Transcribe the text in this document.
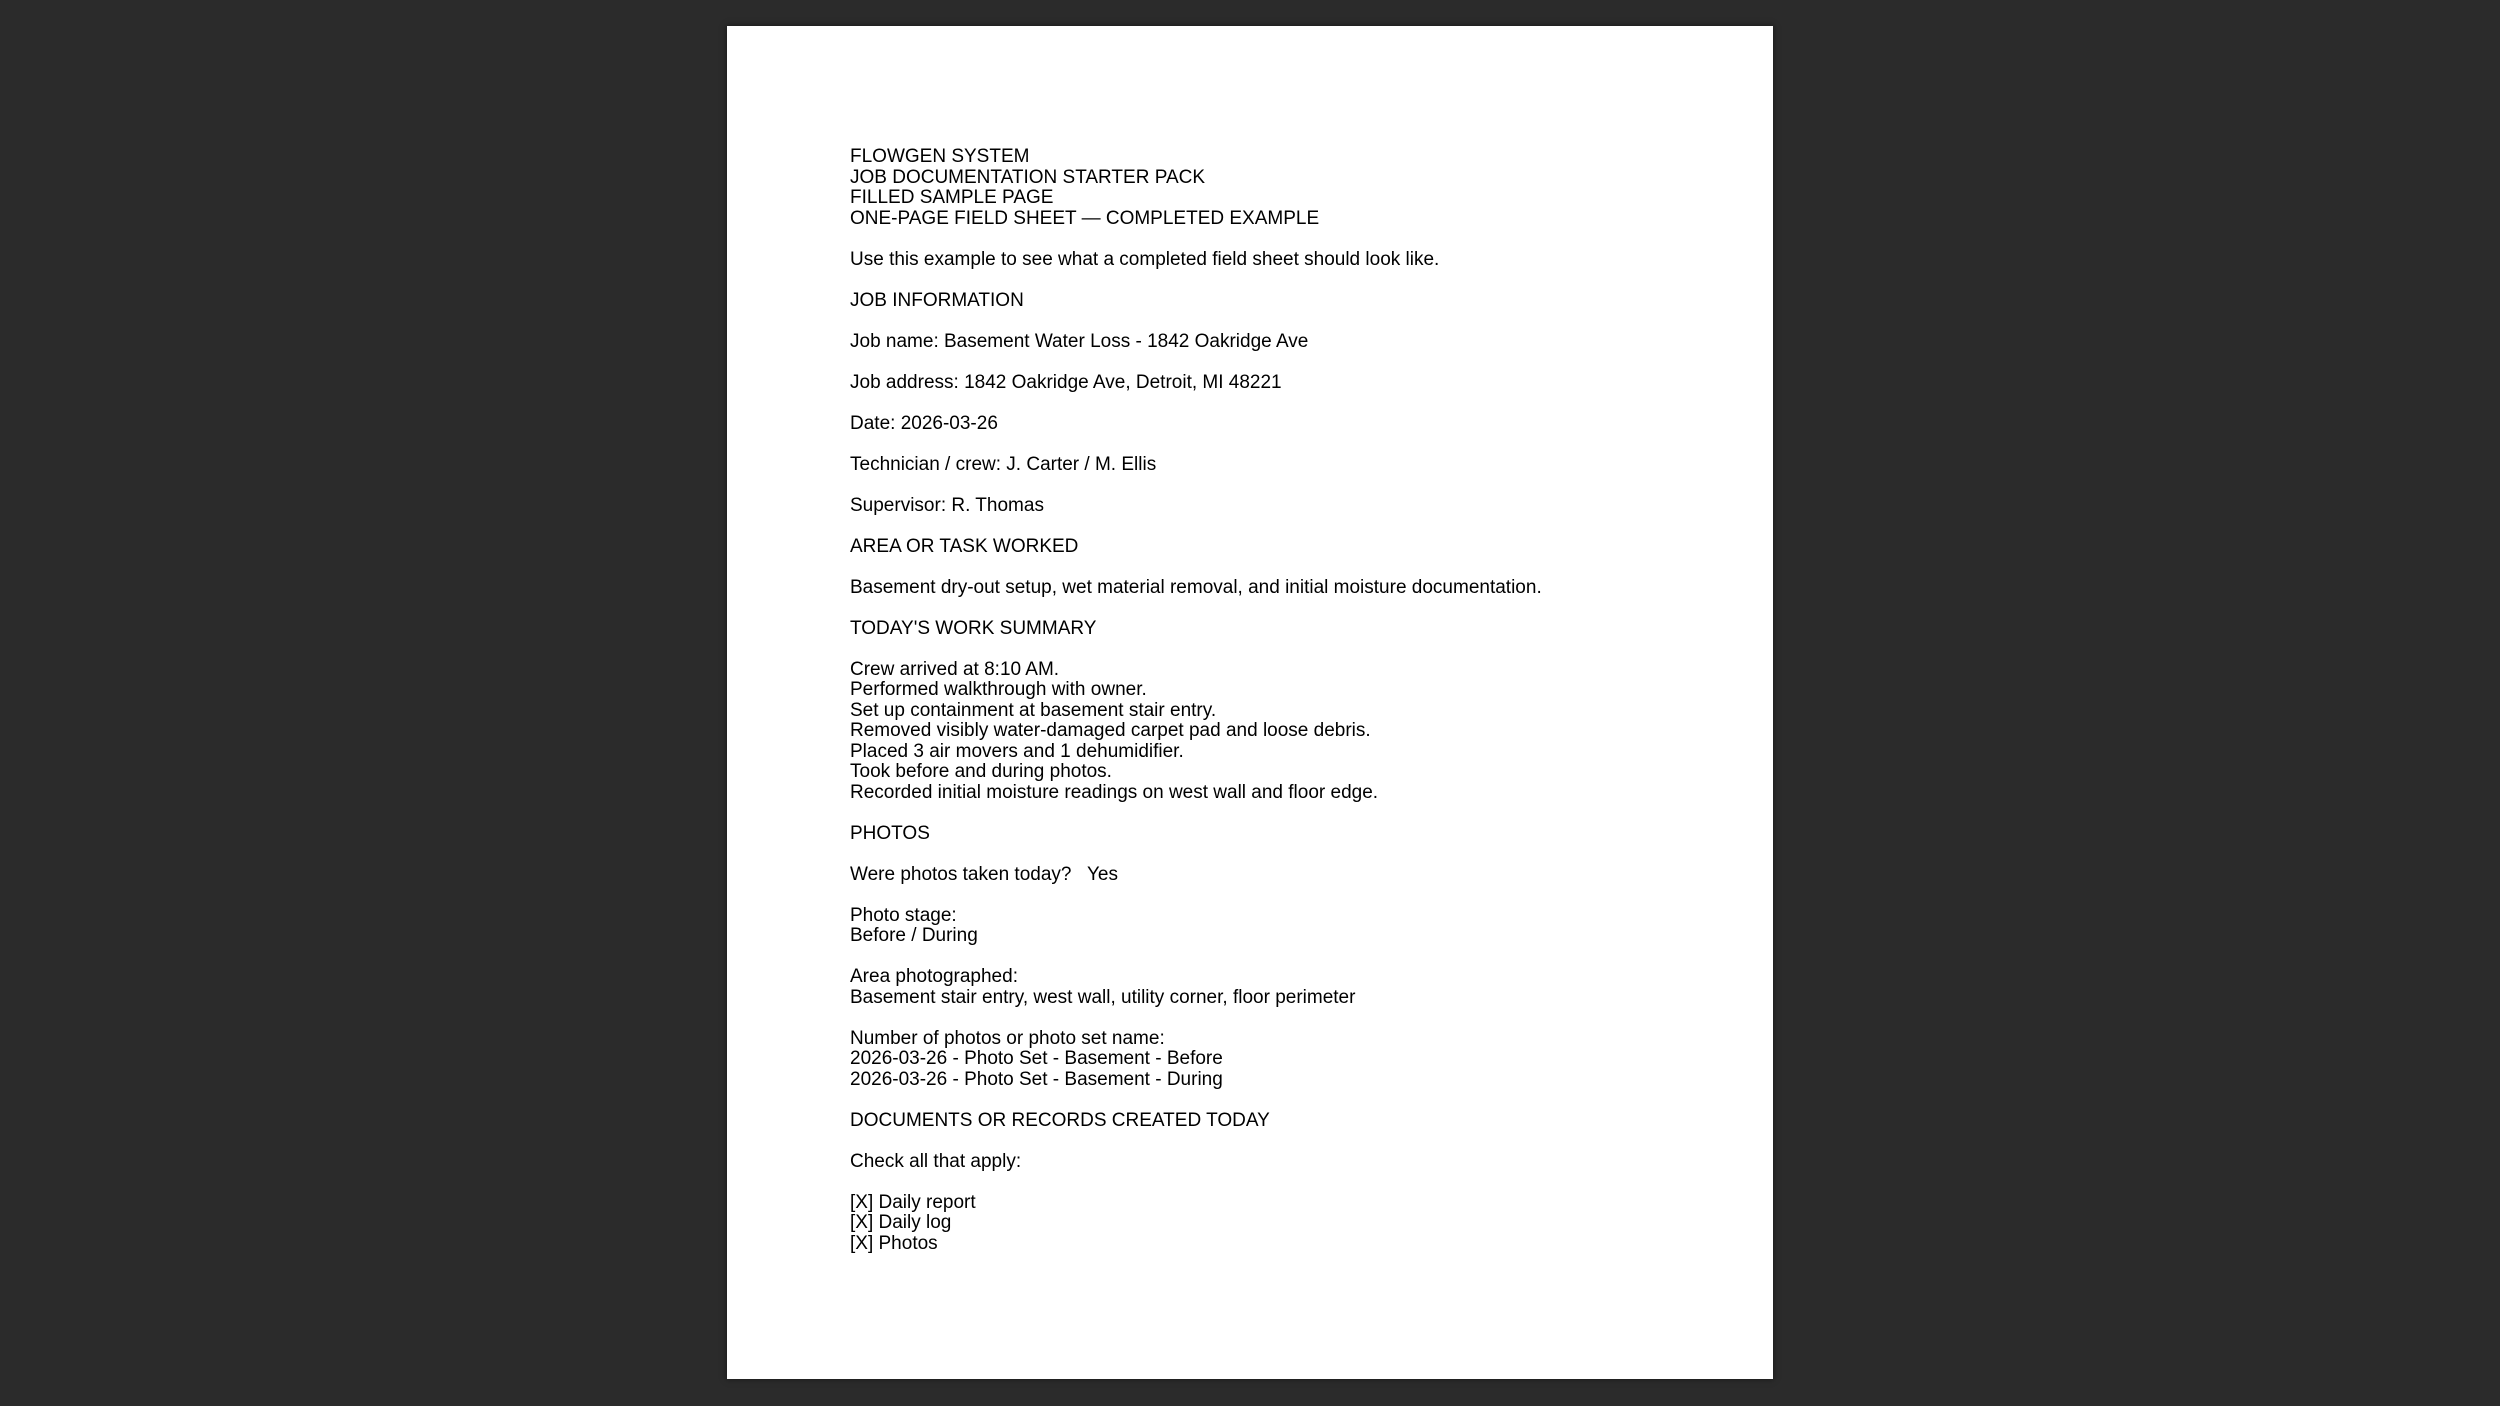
FLOWGEN SYSTEM
JOB DOCUMENTATION STARTER PACK
FILLED SAMPLE PAGE
ONE-PAGE FIELD SHEET — COMPLETED EXAMPLE
Use this example to see what a completed field sheet should look like.
JOB INFORMATION
Job name: Basement Water Loss - 1842 Oakridge Ave
Job address: 1842 Oakridge Ave, Detroit, MI 48221
Date: 2026-03-26
Technician / crew: J. Carter / M. Ellis
Supervisor: R. Thomas
AREA OR TASK WORKED
Basement dry-out setup, wet material removal, and initial moisture documentation.
TODAY'S WORK SUMMARY
Crew arrived at 8:10 AM.
Performed walkthrough with owner.
Set up containment at basement stair entry.
Removed visibly water-damaged carpet pad and loose debris.
Placed 3 air movers and 1 dehumidifier.
Took before and during photos.
Recorded initial moisture readings on west wall and floor edge.
PHOTOS
Were photos taken today?   Yes
Photo stage:
Before / During
Area photographed:
Basement stair entry, west wall, utility corner, floor perimeter
Number of photos or photo set name:
2026-03-26 - Photo Set - Basement - Before
2026-03-26 - Photo Set - Basement - During
DOCUMENTS OR RECORDS CREATED TODAY
Check all that apply:
[X] Daily report
[X] Daily log
[X] Photos
